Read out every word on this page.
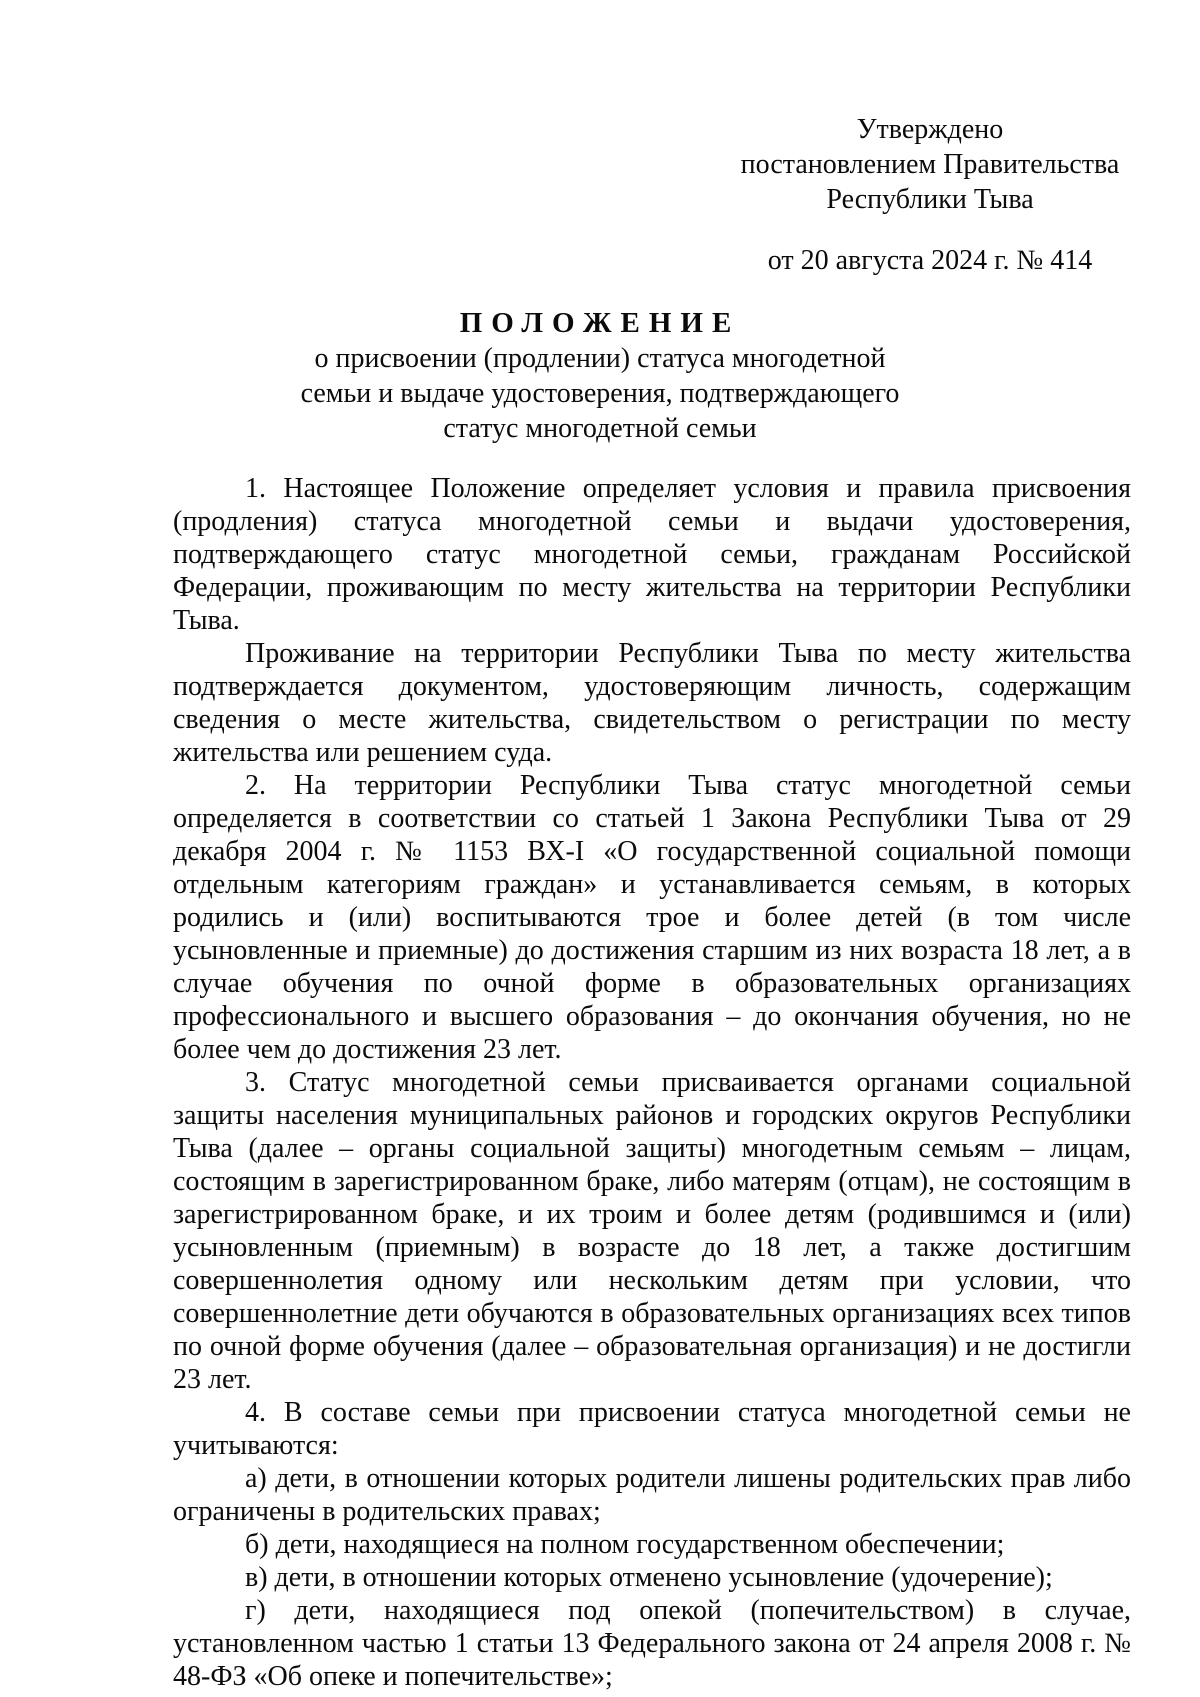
Утверждено
постановлением Правительства
Республики Тыва
от 20 августа 2024 г. № 414
ПОЛОЖЕНИЕ
о присвоении (продлении) статуса многодетной
семьи и выдаче удостоверения, подтверждающего
статус многодетной семьи

1. Настоящее Положение определяет условия и правила присвоения (продления) статуса многодетной семьи и выдачи удостоверения, подтверждающего статус многодетной семьи, гражданам Российской Федерации, проживающим по месту жительства на территории Республики Тыва.

Проживание на территории Республики Тыва по месту жительства подтверждается документом, удостоверяющим личность, содержащим сведения о месте жительства, свидетельством о регистрации по месту жительства или решением суда.

2. На территории Республики Тыва статус многодетной семьи определяется в соответствии со статьей 1 Закона Республики Тыва от 29 декабря 2004 г. № 1153 ВХ-I «О государственной социальной помощи отдельным категориям граждан» и устанавливается семьям, в которых родились и (или) воспитываются трое и более детей (в том числе усыновленные и приемные) до достижения старшим из них возраста 18 лет, а в случае обучения по очной форме в образовательных организациях профессионального и высшего образования – до окончания обучения, но не более чем до достижения 23 лет.

3. Статус многодетной семьи присваивается органами социальной защиты населения муниципальных районов и городских округов Республики Тыва (далее – органы социальной защиты) многодетным семьям – лицам, состоящим в зарегистрированном браке, либо матерям (отцам), не состоящим в зарегистрированном браке, и их троим и более детям (родившимся и (или) усыновленным (приемным) в возрасте до 18 лет, а также достигшим совершеннолетия одному или нескольким детям при условии, что совершеннолетние дети обучаются в образовательных организациях всех типов по очной форме обучения (далее – образовательная организация) и не достигли 23 лет.

4. В составе семьи при присвоении статуса многодетной семьи не учитываются:

а) дети, в отношении которых родители лишены родительских прав либо ограничены в родительских правах;

б) дети, находящиеся на полном государственном обеспечении;

в) дети, в отношении которых отменено усыновление (удочерение);

г) дети, находящиеся под опекой (попечительством) в случае, установленном частью 1 статьи 13 Федерального закона от 24 апреля 2008 г. № 48-ФЗ «Об опеке и попечительстве»;
